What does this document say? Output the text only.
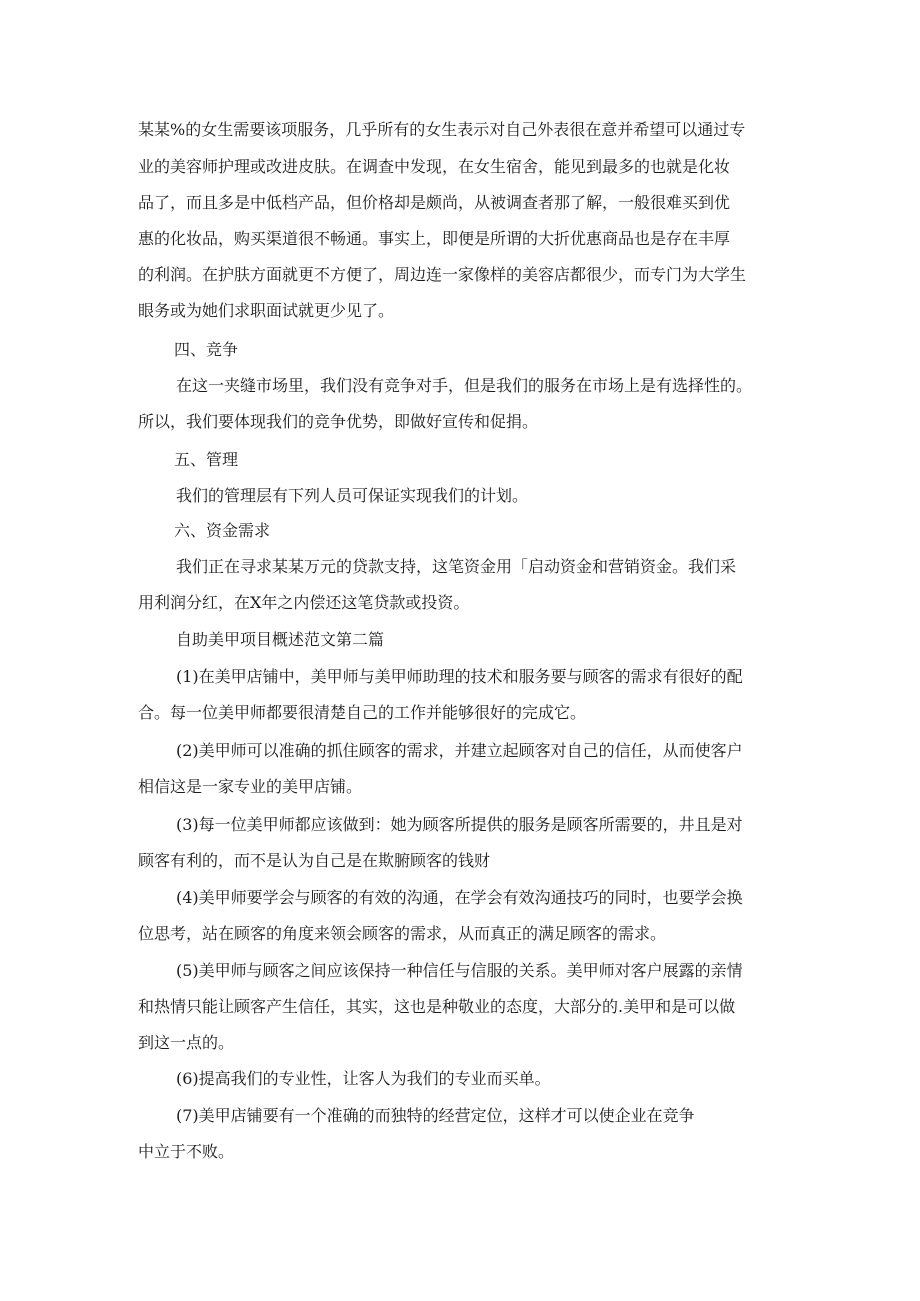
某某%的女生需要该项服务，几乎所有的女生表示对自己外表很在意并希望可以通过专
业的美容师护理或改进皮肤。在调查中发现，在女生宿舍，能见到最多的也就是化妆
品了，而且多是中低档产品，但价格却是颇尚，从被调查者那了解，一般很难买到优
惠的化妆品，购买渠道很不畅通。事实上，即便是所谓的大折优惠商品也是存在丰厚
的利润。在护肤方面就更不方便了，周边连一家像样的美容店都很少，而专门为大学生
眼务或为她们求职面试就更少见了。
四、竞争
在这一夹缝市场里，我们没有竞争对手，但是我们的服务在市场上是有选择性的。
所以，我们要体现我们的竞争优势，即做好宣传和促捐。
五、管理
我们的管理层有下列人员可保证实现我们的计划。
六、资金需求
我们正在寻求某某万元的贷款支持，这笔资金用「启动资金和营销资金。我们采
用利润分红，在X年之内偿还这笔贷款或投资。
自助美甲项目概述范文第二篇
(1)在美甲店铺中，美甲师与美甲师助理的技术和服务要与顾客的需求有很好的配
合。每一位美甲师都要很清楚自己的工作并能够很好的完成它。
(2)美甲师可以准确的抓住顾客的需求，并建立起顾客对自己的信任，从而使客户
相信这是一家专业的美甲店铺。
(3)每一位美甲师都应该做到：她为顾客所提供的服务是顾客所需要的，井且是对
顾客有利的，而不是认为自己是在欺腑顾客的钱财
(4)美甲师要学会与顾客的有效的沟通，在学会有效沟通技巧的同时，也要学会换
位思考，站在顾客的角度来领会顾客的需求，从而真正的满足顾客的需求。
(5)美甲师与顾客之间应该保持一种信任与信服的关系。美甲师对客户展露的亲情
和热情只能让顾客产生信任，其实，这也是种敬业的态度，大部分的.美甲和是可以做
到这一点的。
(6)提高我们的专业性，让客人为我们的专业而买单。
(7)美甲店铺要有一个准确的而独特的经营定位，这样才可以使企业在竞争
中立于不败。
